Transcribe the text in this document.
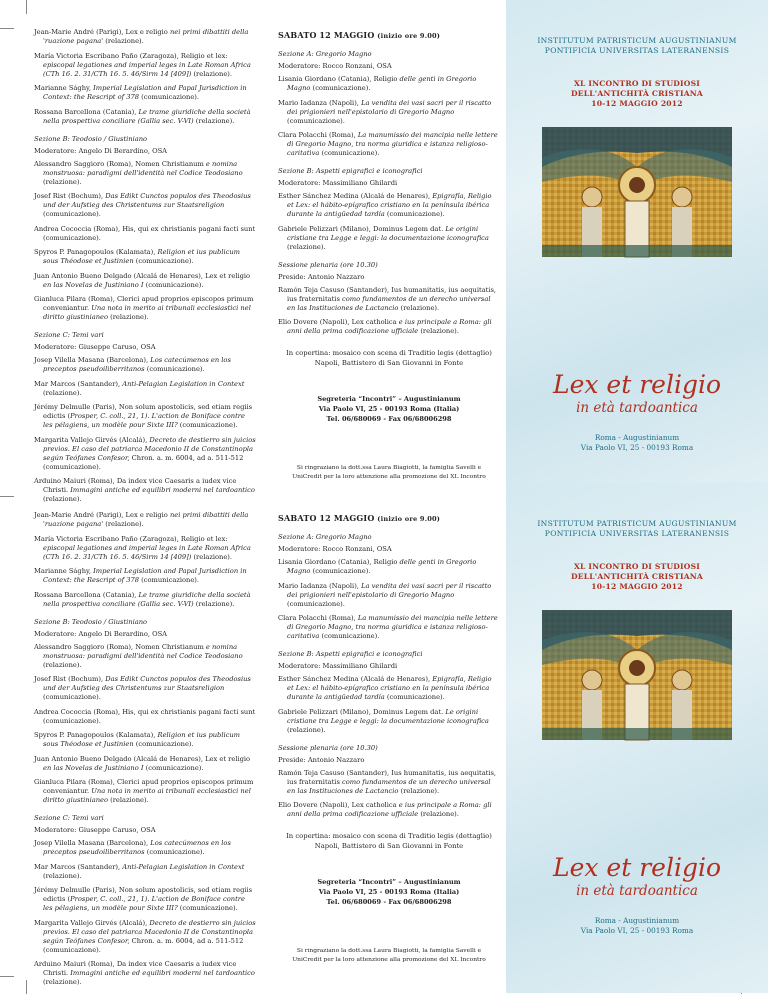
Jean-Marie André (Parigi), Lex e religio nei primi dibattiti della 'ruazione pagana' (relazione).

María Victoria Escribano Paño (Zaragoza), Religio et lex: episcopal legationes and imperial leges in Late Roman Africa (CTh 16. 2. 31/CTh 16. 5. 46/Sirm 14 [409]) (relazione).

Marianne Sághy, Imperial Legislation and Papal Jurisdiction in Context: the Rescript of 378 (comunicazione).

Rossana Barcellona (Catania), Le trame giuridiche della società nella prospettiva conciliare (Gallia sec. V-VI) (relazione).

Sezione B: Teodosio / Giustiniano
Moderatore: Angelo Di Berardino, OSA

Alessandro Saggioro (Roma), Nomen Christianum e nomina monstruosa: paradigmi dell'identità nel Codice Teodosiano (relazione).

Josef Rist (Bochum), Das Edikt Cunctos populos des Theodosius und der Aufstieg des Christentums zur Staatsreligion (comunicazione).

Andrea Cococcia (Roma), His, qui ex christianis pagani facti sunt (comunicazione).

Spyros P. Panagopoulos (Kalamata), Religion et ius publicum sous Théodose et Justinien (comunicazione).

Juan Antonio Bueno Delgado (Alcalá de Henares), Lex et religio en las Novelas de Justiniano I (comunicazione).

Gianluca Pilara (Roma), Clerici apud proprios episcopos primum conveniantur. Una nota in merito ai tribunali ecclesiastici nel diritto giustinianeo (relazione).

Sezione C: Temi vari
Moderatore: Giuseppe Caruso, OSA

Josep Vilella Masana (Barcelona), Los catecúmenos en los preceptos pseudoiliberritanos (comunicazione).

Mar Marcos (Santander), Anti-Pelagian Legislation in Context (relazione).

Jérémy Delmulle (Paris), Non solum apostolicis, sed etiam regiis edictis (Prosper, C. coll., 21, 1). L'action de Boniface contre les pélagiens, un modèle pour Sixte III? (comunicazione).

Margarita Vallejo Girvés (Alcalá), Decreto de destierro sin juicios previos. El caso del patriarca Macedonio II de Constantinopla según Teófanes Confesor, Chron. a. m. 6004, ad a. 511-512 (comunicazione).

Arduino Maiuri (Roma), Da index vice Caesaris a iudex vice Christi. Immagini antiche ed equilibri moderni nel tardoantico (relazione).

SABATO 12 MAGGIO (inizio ore 9.00)
Sezione A: Gregorio Magno
Moderatore: Rocco Ronzani, OSA

Lisania Giordano (Catania), Religio delle genti in Gregorio Magno (comunicazione).

Mario Iadanza (Napoli), La vendita dei vasi sacri per il riscatto dei prigionieri nell'epistolario di Gregorio Magno (comunicazione).

Clara Polacchi (Roma), La manumissio dei mancipia nelle lettere di Gregorio Magno, tra norma giuridica e istanza religioso-caritativa (comunicazione).

Sezione B: Aspetti epigrafici e iconografici
Moderatore: Massimiliano Ghilardi

Esther Sánchez Medina (Alcalá de Henares), Epigrafía, Religio et Lex: el hábito-epígrafico cristiano en la península ibérica durante la antigüedad tardía (comunicazione).

Gabriele Pelizzari (Milano), Dominus Legem dat. Le origini cristiane tra Legge e leggi: la documentazione iconografica (relazione).

Sessione plenaria (ore 10.30)
Preside: Antonio Nazzaro

Ramón Teja Casuso (Santander), Ius humanitatis, ius aequitatis, ius fraternitatis como fundamentos de un derecho universal en las Instituciones de Lactancio (relazione).

Elio Dovere (Napoli), Lex catholica e ius principale a Roma: gli anni della prima codificazione ufficiale (relazione).

In copertina: mosaico con scena di Traditio legis (dettaglio)
Napoli, Battistero di San Giovanni in Fonte
Segreteria “Incontri” – Augustinianum
Via Paolo VI, 25 - 00193 Roma (Italia)
Tel. 06/680069 - Fax 06/68006298
Si ringraziano la dott.ssa Laura Biagiotti, la famiglia Savelli e
UniCredit per la loro attenzione alla promozione del XL Incontro
INSTITUTUM PATRISTICUM AUGUSTINIANUM
PONTIFICIA UNIVERSITAS LATERANENSIS
XL INCONTRO DI STUDIOSI
DELL'ANTICHITÀ CRISTIANA
10-12 MAGGIO 2012
Lex et religio
in età tardoantica
Roma - Augustinianum
Via Paolo VI, 25 - 00193 Roma

Jean-Marie André (Parigi), Lex e religio nei primi dibattiti della 'ruazione pagana' (relazione).

María Victoria Escribano Paño (Zaragoza), Religio et lex: episcopal legationes and imperial leges in Late Roman Africa (CTh 16. 2. 31/CTh 16. 5. 46/Sirm 14 [409]) (relazione).

Marianne Sághy, Imperial Legislation and Papal Jurisdiction in Context: the Rescript of 378 (comunicazione).

Rossana Barcellona (Catania), Le trame giuridiche della società nella prospettiva conciliare (Gallia sec. V-VI) (relazione).

Sezione B: Teodosio / Giustiniano
Moderatore: Angelo Di Berardino, OSA

Alessandro Saggioro (Roma), Nomen Christianum e nomina monstruosa: paradigmi dell'identità nel Codice Teodosiano (relazione).

Josef Rist (Bochum), Das Edikt Cunctos populos des Theodosius und der Aufstieg des Christentums zur Staatsreligion (comunicazione).

Andrea Cococcia (Roma), His, qui ex christianis pagani facti sunt (comunicazione).

Spyros P. Panagopoulos (Kalamata), Religion et ius publicum sous Théodose et Justinien (comunicazione).

Juan Antonio Bueno Delgado (Alcalá de Henares), Lex et religio en las Novelas de Justiniano I (comunicazione).

Gianluca Pilara (Roma), Clerici apud proprios episcopos primum conveniantur. Una nota in merito ai tribunali ecclesiastici nel diritto giustinianeo (relazione).

Sezione C: Temi vari
Moderatore: Giuseppe Caruso, OSA

Josep Vilella Masana (Barcelona), Los catecúmenos en los preceptos pseudoiliberritanos (comunicazione).

Mar Marcos (Santander), Anti-Pelagian Legislation in Context (relazione).

Jérémy Delmulle (Paris), Non solum apostolicis, sed etiam regiis edictis (Prosper, C. coll., 21, 1). L'action de Boniface contre les pélagiens, un modèle pour Sixte III? (comunicazione).

Margarita Vallejo Girvés (Alcalá), Decreto de destierro sin juicios previos. El caso del patriarca Macedonio II de Constantinopla según Teófanes Confesor, Chron. a. m. 6004, ad a. 511-512 (comunicazione).

Arduino Maiuri (Roma), Da index vice Caesaris a iudex vice Christi. Immagini antiche ed equilibri moderni nel tardoantico (relazione).

SABATO 12 MAGGIO (inizio ore 9.00)
Sezione A: Gregorio Magno
Moderatore: Rocco Ronzani, OSA

Lisania Giordano (Catania), Religio delle genti in Gregorio Magno (comunicazione).

Mario Iadanza (Napoli), La vendita dei vasi sacri per il riscatto dei prigionieri nell'epistolario di Gregorio Magno (comunicazione).

Clara Polacchi (Roma), La manumissio dei mancipia nelle lettere di Gregorio Magno, tra norma giuridica e istanza religioso-caritativa (comunicazione).

Sezione B: Aspetti epigrafici e iconografici
Moderatore: Massimiliano Ghilardi

Esther Sánchez Medina (Alcalá de Henares), Epigrafía, Religio et Lex: el hábito-epígrafico cristiano en la península ibérica durante la antigüedad tardía (comunicazione).

Gabriele Pelizzari (Milano), Dominus Legem dat. Le origini cristiane tra Legge e leggi: la documentazione iconografica (relazione).

Sessione plenaria (ore 10.30)
Preside: Antonio Nazzaro

Ramón Teja Casuso (Santander), Ius humanitatis, ius aequitatis, ius fraternitatis como fundamentos de un derecho universal en las Instituciones de Lactancio (relazione).

Elio Dovere (Napoli), Lex catholica e ius principale a Roma: gli anni della prima codificazione ufficiale (relazione).

In copertina: mosaico con scena di Traditio legis (dettaglio)
Napoli, Battistero di San Giovanni in Fonte
Segreteria “Incontri” – Augustinianum
Via Paolo VI, 25 - 00193 Roma (Italia)
Tel. 06/680069 - Fax 06/68006298
Si ringraziano la dott.ssa Laura Biagiotti, la famiglia Savelli e
UniCredit per la loro attenzione alla promozione del XL Incontro
INSTITUTUM PATRISTICUM AUGUSTINIANUM
PONTIFICIA UNIVERSITAS LATERANENSIS
XL INCONTRO DI STUDIOSI
DELL'ANTICHITÀ CRISTIANA
10-12 MAGGIO 2012
Lex et religio
in età tardoantica
Roma - Augustinianum
Via Paolo VI, 25 - 00193 Roma
